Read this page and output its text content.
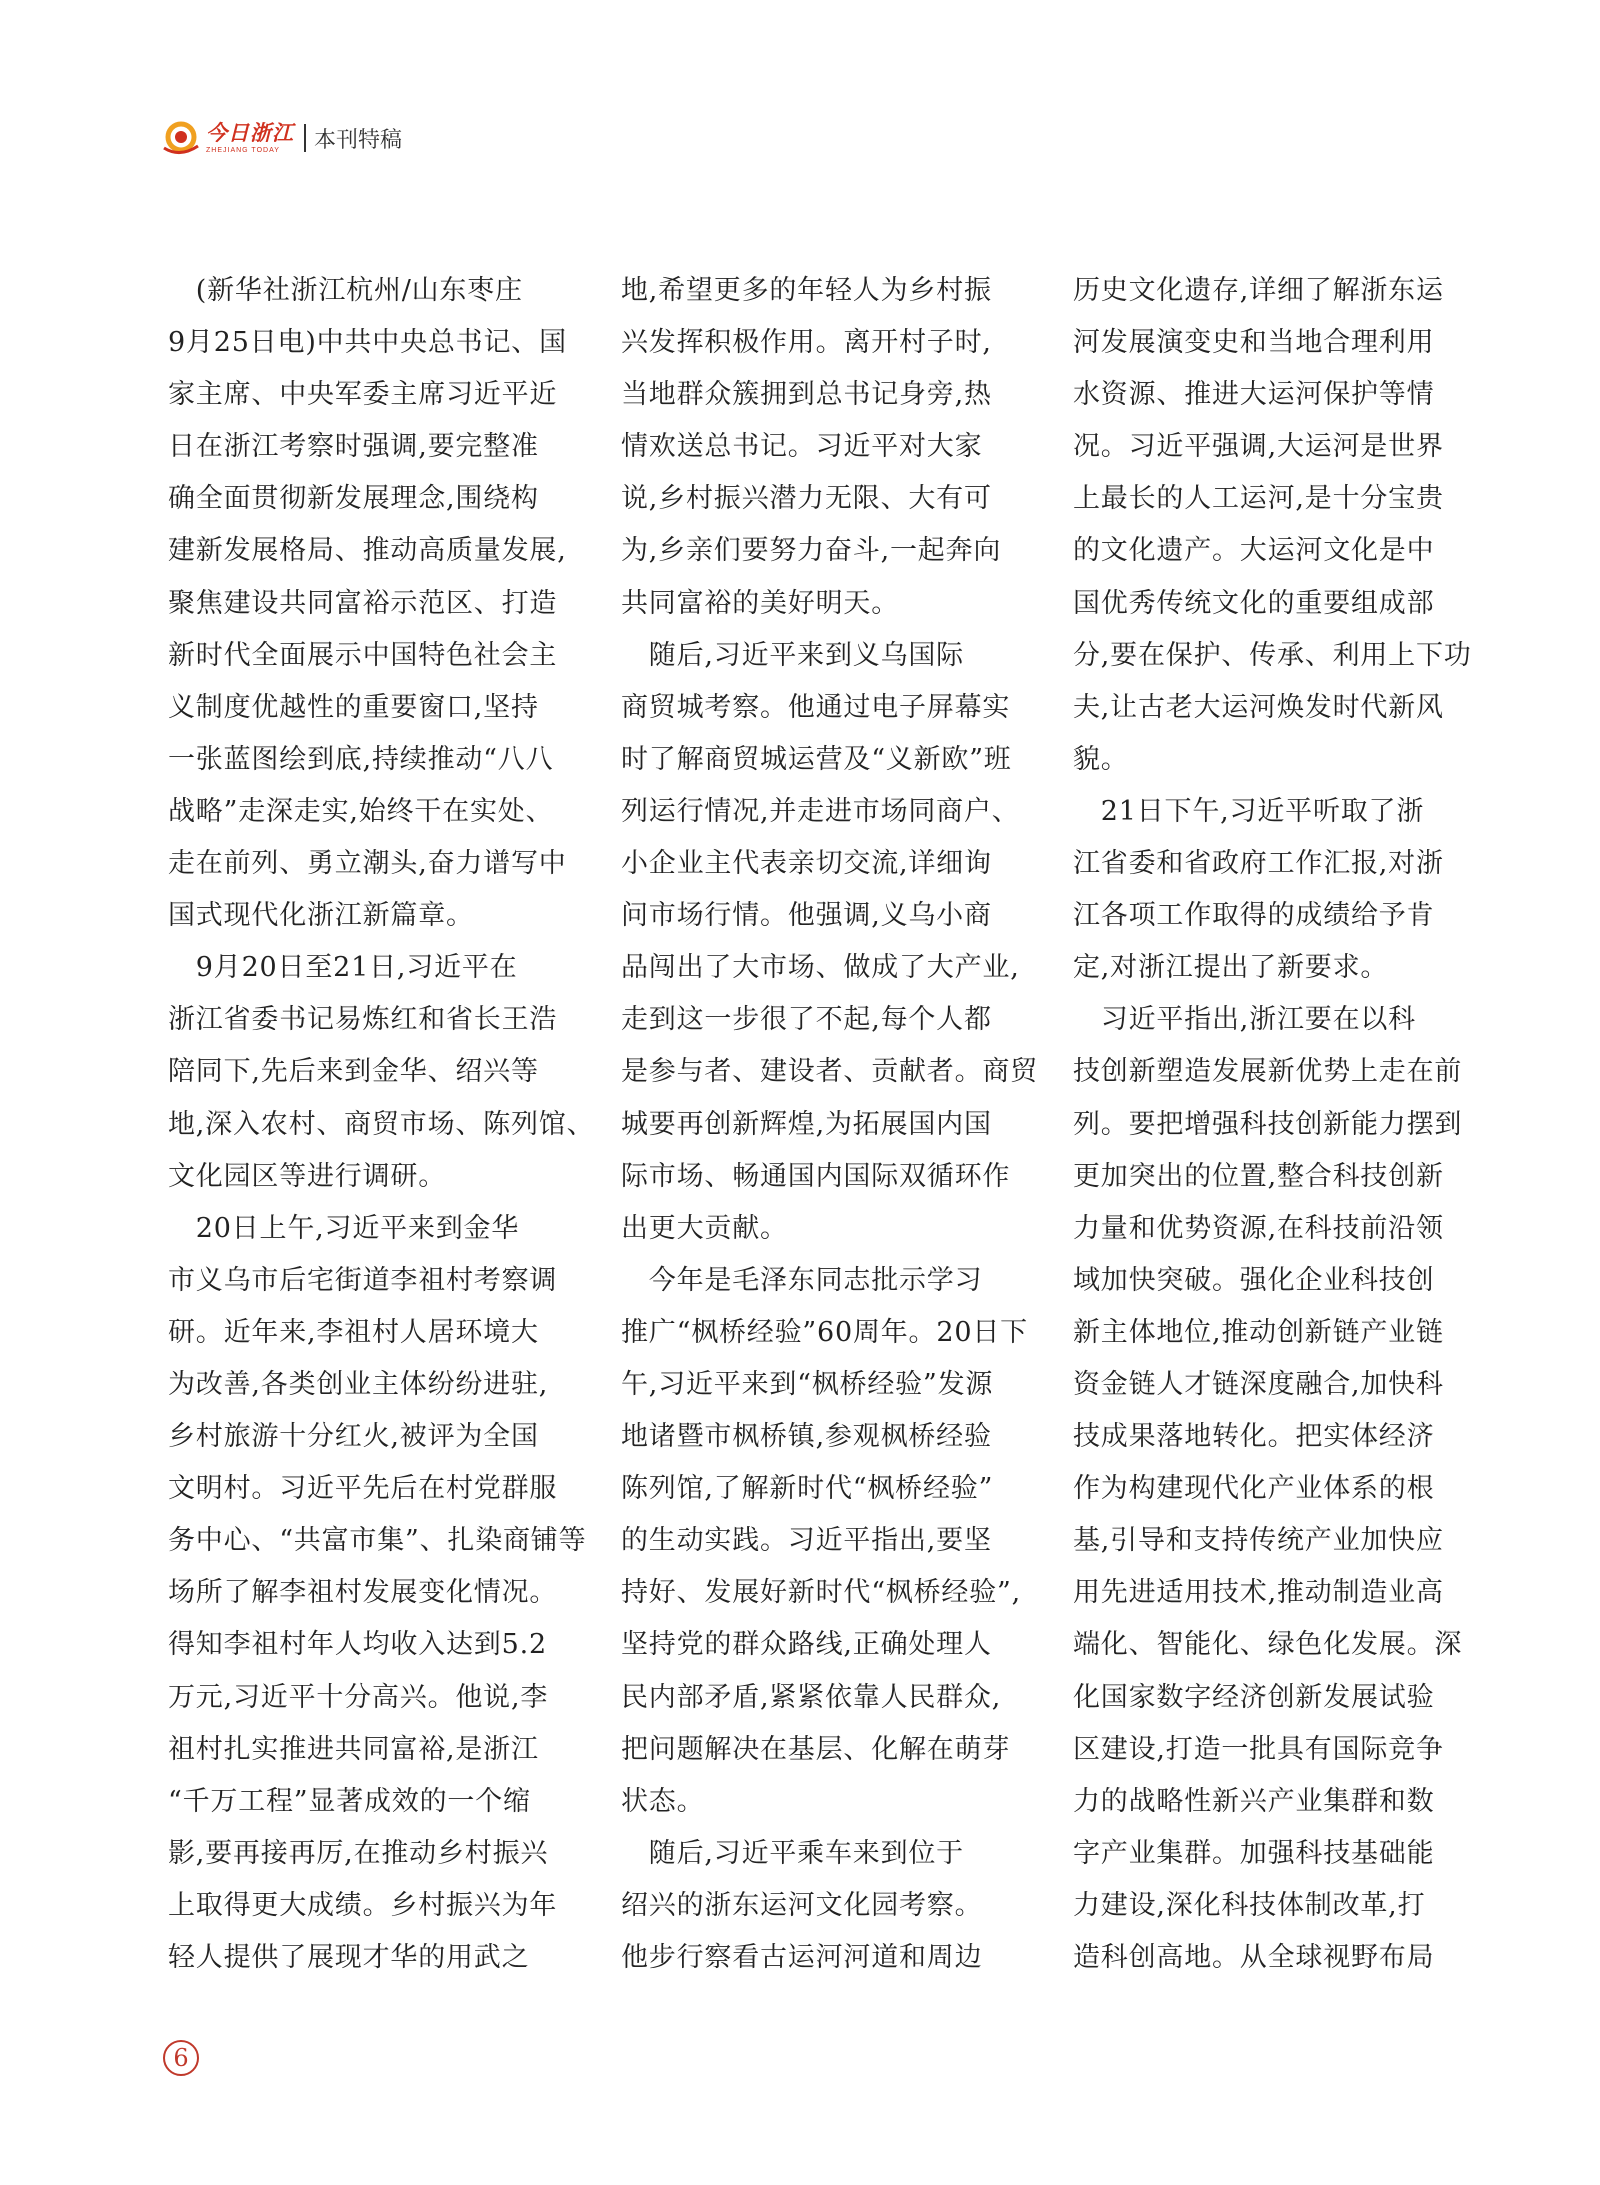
今日浙江
ZHEJIANG TODAY	本刊特稿

　(新华社浙江杭州/山东枣庄
9月25日电)中共中央总书记、国
家主席、中央军委主席习近平近
日在浙江考察时强调,要完整准
确全面贯彻新发展理念,围绕构
建新发展格局、推动高质量发展,
聚焦建设共同富裕示范区、打造
新时代全面展示中国特色社会主
义制度优越性的重要窗口,坚持
一张蓝图绘到底,持续推动“八八
战略”走深走实,始终干在实处、
走在前列、勇立潮头,奋力谱写中
国式现代化浙江新篇章。

　9月20日至21日,习近平在
浙江省委书记易炼红和省长王浩
陪同下,先后来到金华、绍兴等
地,深入农村、商贸市场、陈列馆、
文化园区等进行调研。

　20日上午,习近平来到金华
市义乌市后宅街道李祖村考察调
研。近年来,李祖村人居环境大
为改善,各类创业主体纷纷进驻,
乡村旅游十分红火,被评为全国
文明村。习近平先后在村党群服
务中心、“共富市集”、扎染商铺等
场所了解李祖村发展变化情况。
得知李祖村年人均收入达到5.2
万元,习近平十分高兴。他说,李
祖村扎实推进共同富裕,是浙江
“千万工程”显著成效的一个缩
影,要再接再厉,在推动乡村振兴
上取得更大成绩。乡村振兴为年
轻人提供了展现才华的用武之

地,希望更多的年轻人为乡村振
兴发挥积极作用。离开村子时,
当地群众簇拥到总书记身旁,热
情欢送总书记。习近平对大家
说,乡村振兴潜力无限、大有可
为,乡亲们要努力奋斗,一起奔向
共同富裕的美好明天。

　随后,习近平来到义乌国际
商贸城考察。他通过电子屏幕实
时了解商贸城运营及“义新欧”班
列运行情况,并走进市场同商户、
小企业主代表亲切交流,详细询
问市场行情。他强调,义乌小商
品闯出了大市场、做成了大产业,
走到这一步很了不起,每个人都
是参与者、建设者、贡献者。商贸
城要再创新辉煌,为拓展国内国
际市场、畅通国内国际双循环作
出更大贡献。

　今年是毛泽东同志批示学习
推广“枫桥经验”60周年。20日下
午,习近平来到“枫桥经验”发源
地诸暨市枫桥镇,参观枫桥经验
陈列馆,了解新时代“枫桥经验”
的生动实践。习近平指出,要坚
持好、发展好新时代“枫桥经验”,
坚持党的群众路线,正确处理人
民内部矛盾,紧紧依靠人民群众,
把问题解决在基层、化解在萌芽
状态。

　随后,习近平乘车来到位于
绍兴的浙东运河文化园考察。
他步行察看古运河河道和周边

历史文化遗存,详细了解浙东运
河发展演变史和当地合理利用
水资源、推进大运河保护等情
况。习近平强调,大运河是世界
上最长的人工运河,是十分宝贵
的文化遗产。大运河文化是中
国优秀传统文化的重要组成部
分,要在保护、传承、利用上下功
夫,让古老大运河焕发时代新风
貌。

　21日下午,习近平听取了浙
江省委和省政府工作汇报,对浙
江各项工作取得的成绩给予肯
定,对浙江提出了新要求。

　习近平指出,浙江要在以科
技创新塑造发展新优势上走在前
列。要把增强科技创新能力摆到
更加突出的位置,整合科技创新
力量和优势资源,在科技前沿领
域加快突破。强化企业科技创
新主体地位,推动创新链产业链
资金链人才链深度融合,加快科
技成果落地转化。把实体经济
作为构建现代化产业体系的根
基,引导和支持传统产业加快应
用先进适用技术,推动制造业高
端化、智能化、绿色化发展。深
化国家数字经济创新发展试验
区建设,打造一批具有国际竞争
力的战略性新兴产业集群和数
字产业集群。加强科技基础能
力建设,深化科技体制改革,打
造科创高地。从全球视野布局

6
